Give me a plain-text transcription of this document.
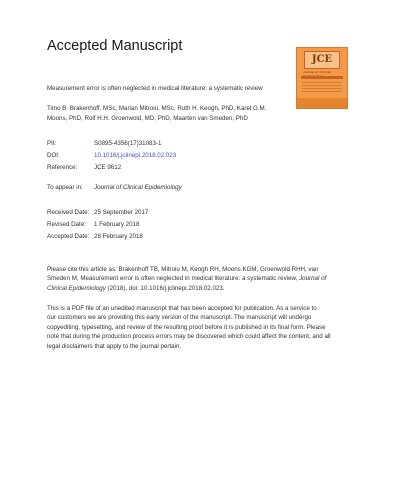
Accepted Manuscript
JCE
Journal of Clinical
Measurement error is often neglected in medical literature: a systematic review
Timo B. Brakenhoff, MSc, Marian Mitroiu, MSc, Ruth H. Keogh, PhD, Karel G.M.
Moons, PhD, Rolf H.H. Groenwold, MD, PhD, Maarten van Smeden, PhD
PII:	S0895-4356(17)31083-1
DOI:	10.1016/j.jclinepi.2018.02.023
Reference:	JCE 9612
To appear in: Journal of Clinical Epidemiology
Received Date: 25 September 2017
Revised Date: 1 February 2018
Accepted Date: 28 February 2018
Please cite this article as: Brakenhoff TB, Mitroiu M, Keogh RH, Moons KGM, Groenwold RHH, van
Smeden M, Measurement error is often neglected in medical literature: a systematic review, Journal of
Clinical Epidemiology (2018), doi: 10.1016/j.jclinepi.2018.02.023.
This is a PDF file of an unedited manuscript that has been accepted for publication. As a service to
our customers we are providing this early version of the manuscript. The manuscript will undergo
copyediting, typesetting, and review of the resulting proof before it is published in its final form. Please
note that during the production process errors may be discovered which could affect the content, and all
legal disclaimers that apply to the journal pertain.
